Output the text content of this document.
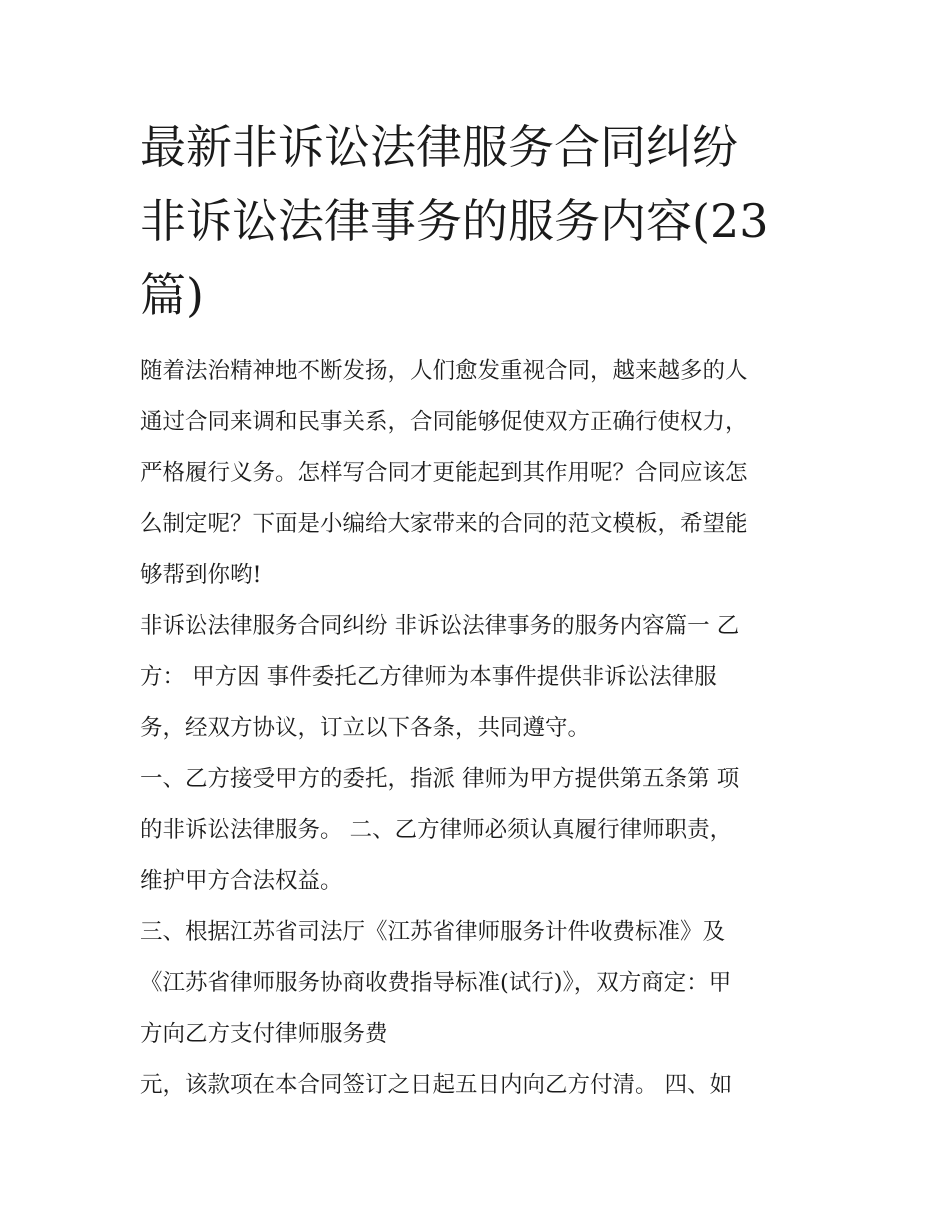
最新非诉讼法律服务合同纠纷
非诉讼法律事务的服务内容(23
篇)

随着法治精神地不断发扬，人们愈发重视合同，越来越多的人
通过合同来调和民事关系，合同能够促使双方正确行使权力，
严格履行义务。怎样写合同才更能起到其作用呢？合同应该怎
么制定呢？下面是小编给大家带来的合同的范文模板，希望能
够帮到你哟!

非诉讼法律服务合同纠纷 非诉讼法律事务的服务内容篇一 乙
方： 甲方因 事件委托乙方律师为本事件提供非诉讼法律服
务，经双方协议，订立以下各条，共同遵守。

一、乙方接受甲方的委托，指派 律师为甲方提供第五条第 项
的非诉讼法律服务。 二、乙方律师必须认真履行律师职责，
维护甲方合法权益。

三、根据江苏省司法厅《江苏省律师服务计件收费标准》及
《江苏省律师服务协商收费指导标准(试行)》，双方商定：甲
方向乙方支付律师服务费

元，该款项在本合同签订之日起五日内向乙方付清。 四、如
